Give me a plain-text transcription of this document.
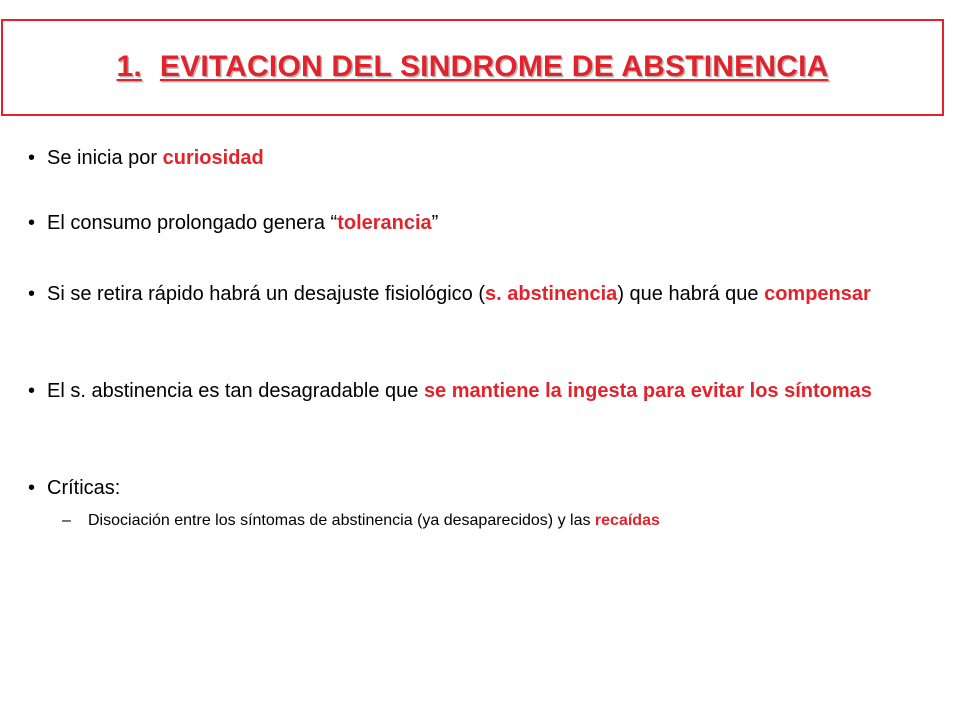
1. EVITACION DEL SINDROME DE ABSTINENCIA
• Se inicia por curiosidad
• El consumo prolongado genera “tolerancia”
• Si se retira rápido habrá un desajuste fisiológico (s. abstinencia) que habrá que compensar
• El s. abstinencia es tan desagradable que se mantiene la ingesta para evitar los síntomas
• Críticas:
– Disociación entre los síntomas de abstinencia (ya desaparecidos) y las recaídas
